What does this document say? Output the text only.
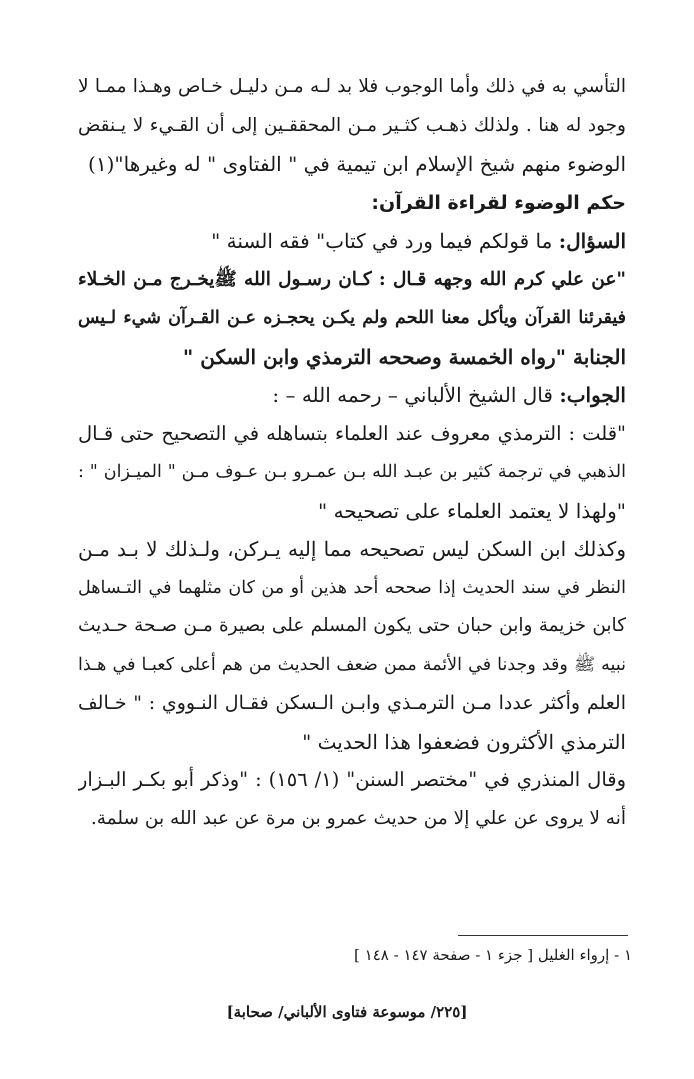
التأسي به في ذلك وأما الوجوب فلا بد لـه مـن دليـل خـاص وهـذا ممـا لا
وجود له هنا . ولذلك ذهـب كثـير مـن المحققـين إلى أن القـيء لا يـنقض
الوضوء منهم شيخ الإسلام ابن تيمية في " الفتاوى " له وغيرها"(١)
حكم الوضوء لقراءة القرآن:
السؤال: ما قولكم فيما ورد في كتاب" فقه السنة "
"عن علي كرم الله وجهه قـال : كـان رسـول الله ﷺيخـرج مـن الخـلاء
فيقرئنا القرآن ويأكل معنا اللحم ولم يكـن يحجـزه عـن القـرآن شيء لـيس
الجنابة "رواه الخمسة وصححه الترمذي وابن السكن "
الجواب: قال الشيخ الألباني – رحمه الله – :
"قلت : الترمذي معروف عند العلماء بتساهله في التصحيح حتى قـال
الذهبي في ترجمة كثير بن عبـد الله بـن عمـرو بـن عـوف مـن " الميـزان " :
"ولهذا لا يعتمد العلماء على تصحيحه "
وكذلك ابن السكن ليس تصحيحه مما إليه يـركن، ولـذلك لا بـد مـن
النظر في سند الحديث إذا صححه أحد هذين أو من كان مثلهما في التـساهل
كابن خزيمة وابن حبان حتى يكون المسلم على بصيرة مـن صـحة حـديث
نبيه ﷺ وقد وجدنا في الأئمة ممن ضعف الحديث من هم أعلى كعبـا في هـذا
العلم وأكثر عددا مـن الترمـذي وابـن الـسكن فقـال النـووي : " خـالف
الترمذي الأكثرون فضعفوا هذا الحديث "
وقال المنذري في "مختصر السنن" (١/ ١٥٦) : "وذكر أبو بكـر البـزار
أنه لا يروى عن علي إلا من حديث عمرو بن مرة عن عبد الله بن سلمة.
١ - إرواء الغليل [ جزء ١ - صفحة ١٤٧ - ١٤٨ ]
[٢٢٥/ موسوعة فتاوى الألباني/ صحابة]
